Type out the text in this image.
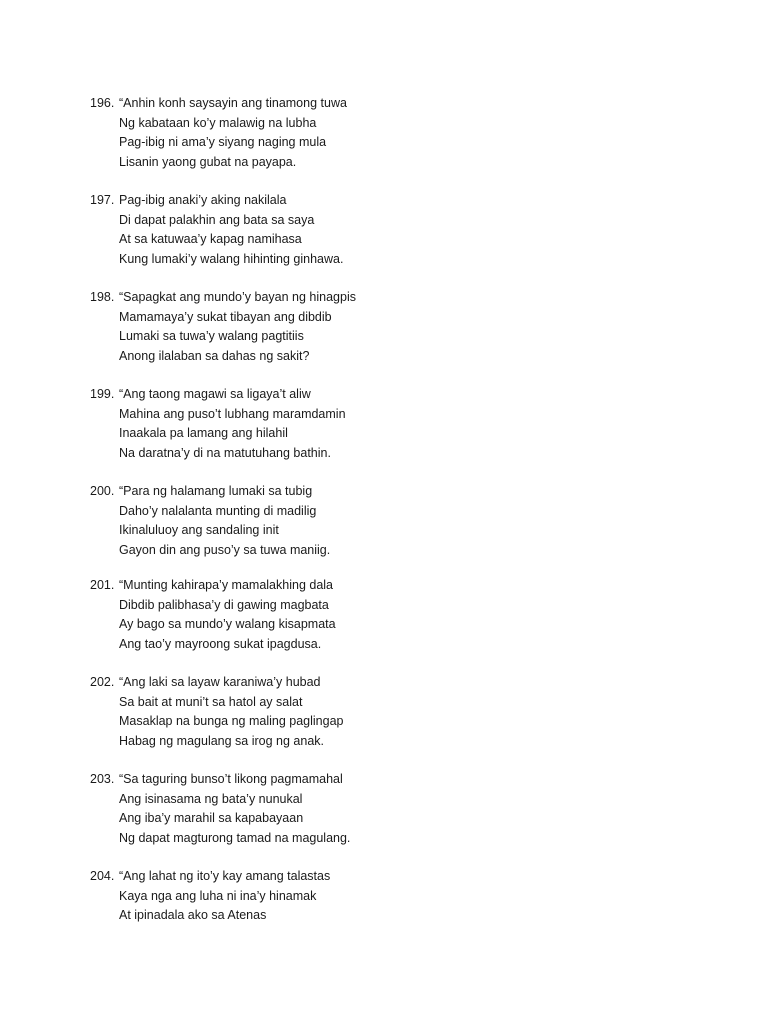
196. “Anhin konh saysayin ang tinamong tuwa
Ng kabataan ko’y malawig na lubha
Pag-ibig ni ama’y siyang naging mula
Lisanin yaong gubat na payapa.
197. Pag-ibig anaki’y aking nakilala
Di dapat palakhin ang bata sa saya
At sa katuwaa’y kapag namihasa
Kung lumaki’y walang hihinting ginhawa.
198. “Sapagkat ang mundo’y bayan ng hinagpis
Mamamaya’y sukat tibayan ang dibdib
Lumaki sa tuwa’y walang pagtitiis
Anong ilalaban sa dahas ng sakit?
199. “Ang taong magawi sa ligaya’t aliw
Mahina ang puso’t lubhang maramdamin
Inaakala pa lamang ang hilahil
Na daratna’y di na matutuhang bathin.
200. “Para ng halamang lumaki sa tubig
Daho’y nalalanta munting di madilig
Ikinaluluoy ang sandaling init
Gayon din ang puso’y sa tuwa maniig.
201. “Munting kahirapa’y mamalakhing dala
Dibdib palibhasa’y di gawing magbata
Ay bago sa mundo’y walang kisapmata
Ang tao’y mayroong sukat ipagdusa.
202. “Ang laki sa layaw karaniwa’y hubad
Sa bait at muni’t sa hatol ay salat
Masaklap na bunga ng maling paglingap
Habag ng magulang sa irog ng anak.
203. “Sa taguring bunso’t likong pagmamahal
Ang isinasama ng bata’y nunukal
Ang iba’y marahil sa kapabayaan
Ng dapat magturong tamad na magulang.
204. “Ang lahat ng ito’y kay amang talastas
Kaya nga ang luha ni ina’y hinamak
At ipinadala ako sa Atenas
